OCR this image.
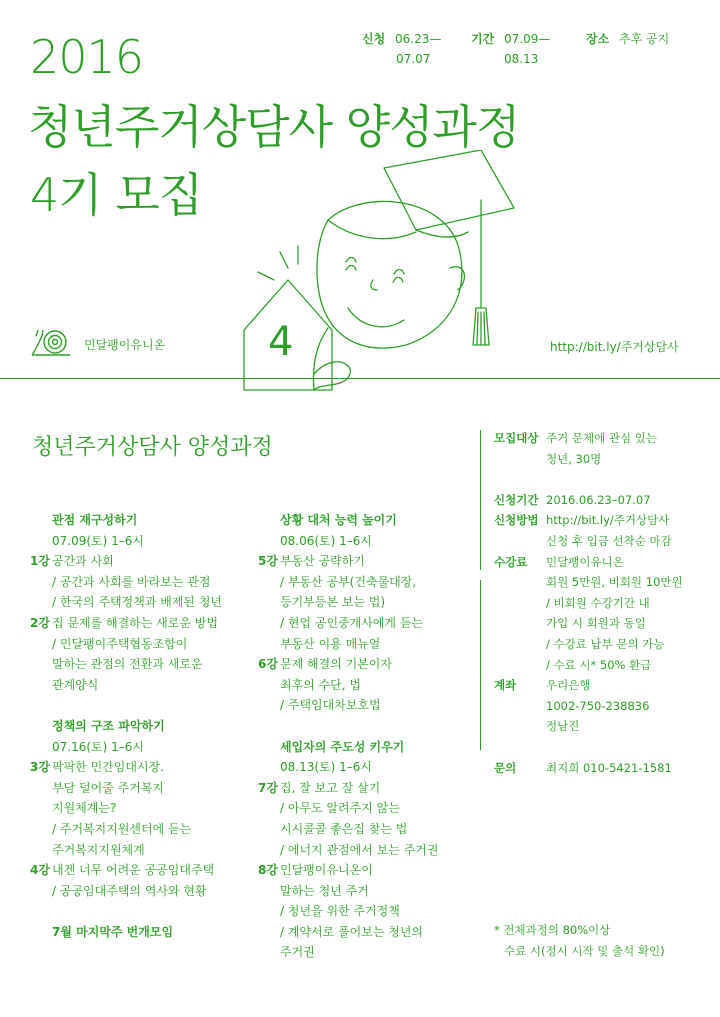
2016
청년주거상담사 양성과정
4기 모집
신청 06.23—
07.07
기간 07.09—
08.13
장소 추후 공지
4
민달팽이유니온	http://bit.ly/주거상담사
청년주거상담사 양성과정
관점 재구성하기
07.09(토) 1–6시
1강 공간과 사회
/ 공간과 사회를 바라보는 관점
/ 한국의 주택정책과 배제된 청년
2강 집 문제를 해결하는 새로운 방법
/ 민달팽이주택협동조합이
말하는 관점의 전환과 새로운
관계양식
정책의 구조 파악하기
07.16(토) 1–6시
3강 팍팍한 민간임대시장.
부담 덜어줄 주거복지
지원체계는?
/ 주거복지지원센터에 듣는
주거복지지원체계
4강 내겐 너무 어려운 공공임대주택
/ 공공임대주택의 역사와 현황
7월 마지막주 번개모임
상황 대처 능력 높이기
08.06(토) 1–6시
5강 부동산 공략하기
/ 부동산 공부(건축물대장,
등기부등본 보는 법)
/ 현업 공인중개사에게 듣는
부동산 이용 매뉴얼
6강 문제 해결의 기본이자
최후의 수단, 법
/ 주택임대차보호법
세입자의 주도성 키우기
08.13(토) 1–6시
7강 집, 잘 보고 잘 살기
/ 아무도 알려주지 않는
시시콜콜 좋은집 찾는 법
/ 에너지 관점에서 보는 주거권
8강 민달팽이유니온이
말하는 청년 주거
/ 청년을 위한 주거정책
/ 계약서로 풀어보는 청년의
주거권
모집대상 주거 문제에 관심 있는
청년, 30명
신청기간 2016.06.23–07.07
신청방법 http://bit.ly/주거상담사
신청 후 입금 선착순 마감
수강료	민달팽이유니온
회원 5만원, 비회원 10만원
/ 비회원 수강기간 내
가입 시 회원과 동일
/ 수강료 납부 문의 가능
/ 수료 시* 50% 환급
계좌	우리은행
1002-750-238836
정남진
문의	최지희 010-5421-1581
* 전체과정의 80%이상
수료 시(정시 시작 및 출석 확인)
